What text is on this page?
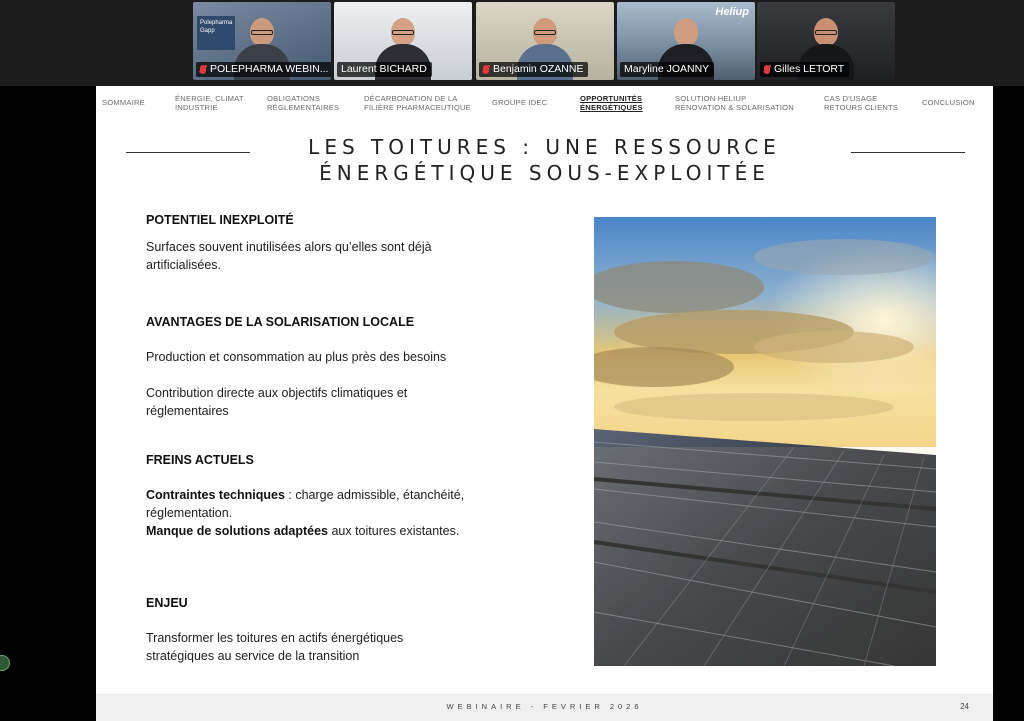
Polepharma Gapp
POLEPHARMA WEBIN... Laurent BICHARD	Benjamin OZANNE
Heliup
Maryline JOANNY	Gilles LETORT
SOMMAIRE	ÉNERGIE, CLIMAT
INDUSTRIE
OBLIGATIONS
RÉGLEMENTAIRES
DÉCARBONATION DE LA
FILIÈRE PHARMACEUTIQUE
GROUPE IDEC	OPPORTUNITÉS
ÉNERGÉTIQUES
SOLUTION HELIUP
RÉNOVATION & SOLARISATION
CAS D'USAGE
RETOURS CLIENTS
CONCLUSION
LES TOITURES : UNE RESSOURCE
ÉNERGÉTIQUE SOUS-EXPLOITÉE
POTENTIEL INEXPLOITÉ
Surfaces souvent inutilisées alors qu’elles sont déjà artificialisées.
AVANTAGES DE LA SOLARISATION LOCALE
Production et consommation au plus près des besoins
Contribution directe aux objectifs climatiques et réglementaires
FREINS ACTUELS
Contraintes techniques : charge admissible, étanchéité, réglementation.
Manque de solutions adaptées aux toitures existantes.
ENJEU
Transformer les toitures en actifs énergétiques stratégiques au service de la transition
WEBINAIRE - FEVRIER 2026	24
